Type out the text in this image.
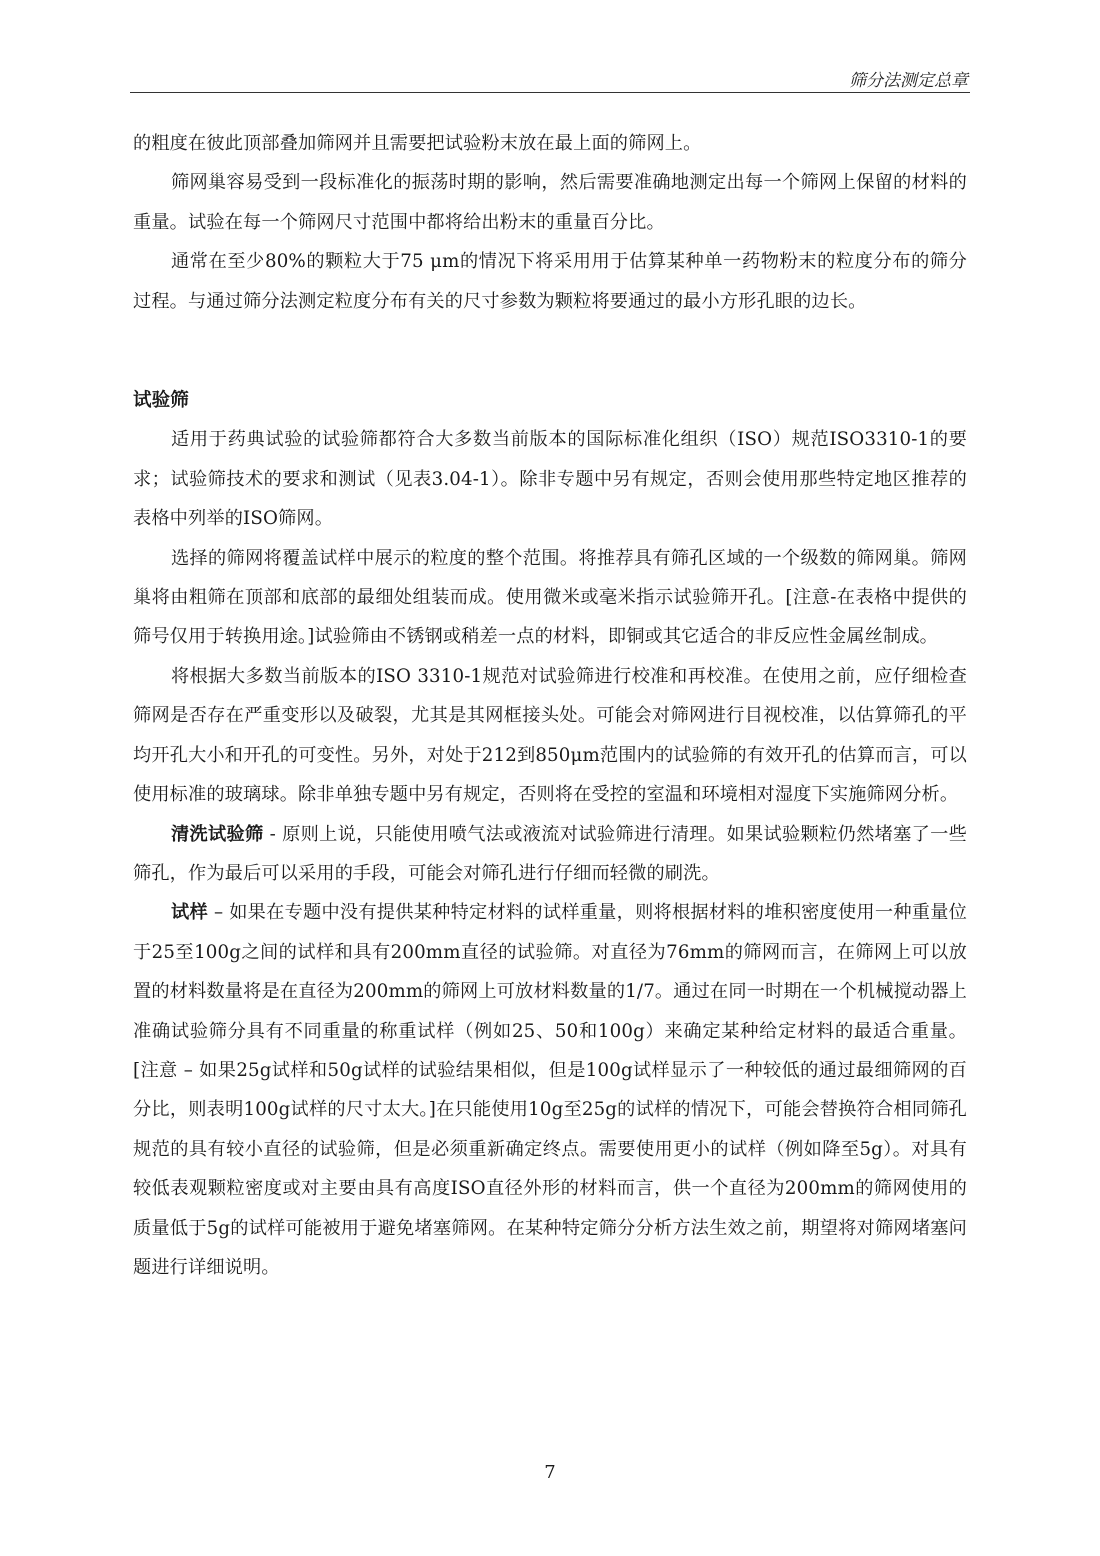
筛分法测定总章

的粗度在彼此顶部叠加筛网并且需要把试验粉末放在最上面的筛网上。

筛网巢容易受到一段标准化的振荡时期的影响，然后需要准确地测定出每一个筛网上保留的材料的重量。试验在每一个筛网尺寸范围中都将给出粉末的重量百分比。

通常在至少80%的颗粒大于75 μm的情况下将采用用于估算某种单一药物粉末的粒度分布的筛分过程。与通过筛分法测定粒度分布有关的尺寸参数为颗粒将要通过的最小方形孔眼的边长。

试验筛

适用于药典试验的试验筛都符合大多数当前版本的国际标准化组织（ISO）规范ISO3310-1的要求；试验筛技术的要求和测试（见表3.04-1）。除非专题中另有规定，否则会使用那些特定地区推荐的表格中列举的ISO筛网。

选择的筛网将覆盖试样中展示的粒度的整个范围。将推荐具有筛孔区域的一个级数的筛网巢。筛网巢将由粗筛在顶部和底部的最细处组装而成。使用微米或毫米指示试验筛开孔。[注意-在表格中提供的筛号仅用于转换用途。]试验筛由不锈钢或稍差一点的材料，即铜或其它适合的非反应性金属丝制成。

将根据大多数当前版本的ISO 3310-1规范对试验筛进行校准和再校准。在使用之前，应仔细检查筛网是否存在严重变形以及破裂，尤其是其网框接头处。可能会对筛网进行目视校准，以估算筛孔的平均开孔大小和开孔的可变性。另外，对处于212到850μm范围内的试验筛的有效开孔的估算而言，可以使用标准的玻璃球。除非单独专题中另有规定，否则将在受控的室温和环境相对湿度下实施筛网分析。

清洗试验筛 - 原则上说，只能使用喷气法或液流对试验筛进行清理。如果试验颗粒仍然堵塞了一些筛孔，作为最后可以采用的手段，可能会对筛孔进行仔细而轻微的刷洗。

试样 – 如果在专题中没有提供某种特定材料的试样重量，则将根据材料的堆积密度使用一种重量位于25至100g之间的试样和具有200mm直径的试验筛。对直径为76mm的筛网而言，在筛网上可以放置的材料数量将是在直径为200mm的筛网上可放材料数量的1/7。通过在同一时期在一个机械搅动器上准确试验筛分具有不同重量的称重试样（例如25、50和100g）来确定某种给定材料的最适合重量。[注意 – 如果25g试样和50g试样的试验结果相似，但是100g试样显示了一种较低的通过最细筛网的百分比，则表明100g试样的尺寸太大。]在只能使用10g至25g的试样的情况下，可能会替换符合相同筛孔规范的具有较小直径的试验筛，但是必须重新确定终点。需要使用更小的试样（例如降至5g）。对具有较低表观颗粒密度或对主要由具有高度ISO直径外形的材料而言，供一个直径为200mm的筛网使用的质量低于5g的试样可能被用于避免堵塞筛网。在某种特定筛分分析方法生效之前，期望将对筛网堵塞问题进行详细说明。

7
